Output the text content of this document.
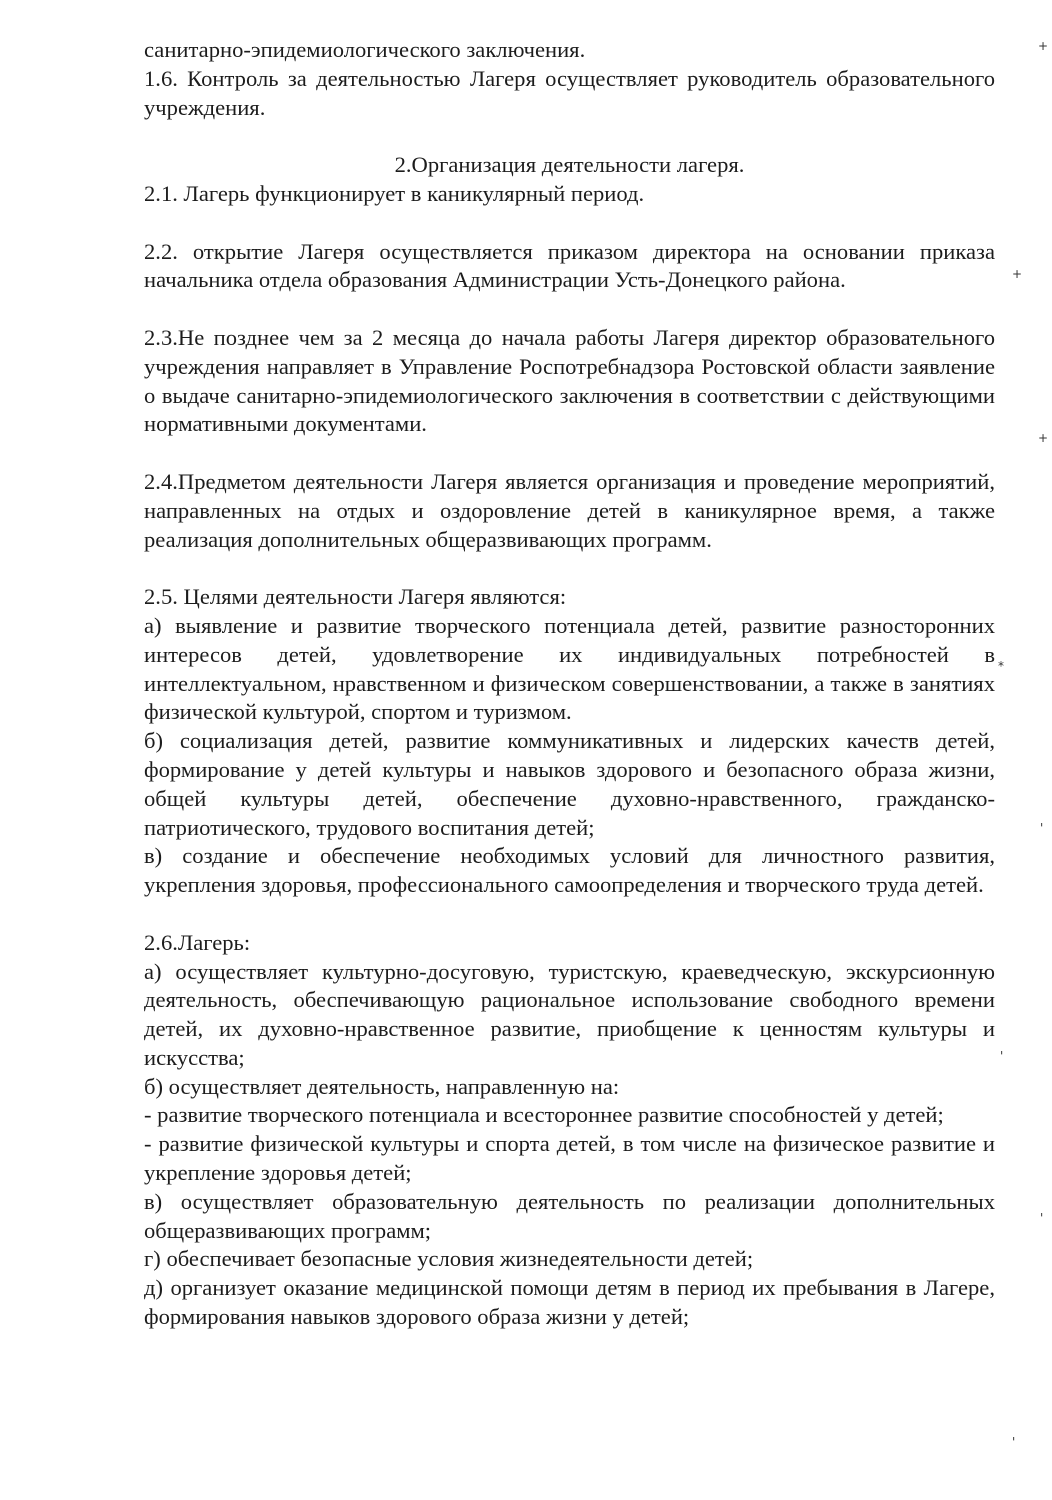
санитарно-эпидемиологического заключения.

1.6. Контроль за деятельностью Лагеря осуществляет руководитель образовательного учреждения.

2.Организация деятельности лагеря.

2.1. Лагерь функционирует в каникулярный период.

2.2. открытие Лагеря осуществляется приказом директора на основании приказа начальника отдела образования Администрации Усть-Донецкого района.

2.3.Не позднее чем за 2 месяца до начала работы Лагеря директор образовательного учреждения направляет в Управление Роспотребнадзора Ростовской области заявление о выдаче санитарно-эпидемиологического заключения в соответствии с действующими нормативными документами.

2.4.Предметом деятельности Лагеря является организация и проведение мероприятий, направленных на отдых и оздоровление детей в каникулярное время, а также реализация дополнительных общеразвивающих программ.

2.5. Целями деятельности Лагеря являются:

а) выявление и развитие творческого потенциала детей, развитие разносторонних интересов детей, удовлетворение их индивидуальных потребностей в интеллектуальном, нравственном и физическом совершенствовании, а также в занятиях физической культурой, спортом и туризмом.

б) социализация детей, развитие коммуникативных и лидерских качеств детей, формирование у детей культуры и навыков здорового и безопасного образа жизни, общей культуры детей, обеспечение духовно-нравственного, гражданско-патриотического, трудового воспитания детей;

в) создание и обеспечение необходимых условий для личностного развития, укрепления здоровья, профессионального самоопределения и творческого труда детей.

2.6.Лагерь:

а) осуществляет культурно-досуговую, туристскую, краеведческую, экскурсионную деятельность, обеспечивающую рациональное использование свободного времени детей, их духовно-нравственное развитие, приобщение к ценностям культуры и искусства;

б) осуществляет деятельность, направленную на:

- развитие творческого потенциала и всестороннее развитие способностей у детей;

- развитие физической культуры и спорта детей, в том числе на физическое развитие и укрепление здоровья детей;

в) осуществляет образовательную деятельность по реализации дополнительных общеразвивающих программ;

г) обеспечивает безопасные условия жизнедеятельности детей;

д) организует оказание медицинской помощи детям в период их пребывания в Лагере, формирования навыков здорового образа жизни у детей;

+
+
+
*
'
'
'
'
